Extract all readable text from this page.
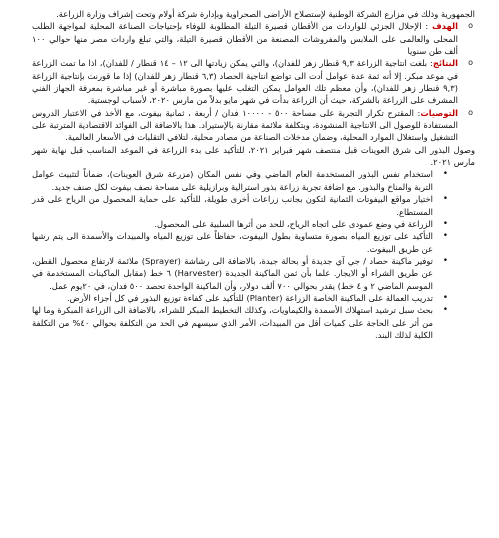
الجمهورية وذلك في مزارع الشركة الوطنية لإستصلاح الأراضى الصحراوية وبإدارة شركة أولام وتحت إشراف وزارة الزراعة.

o
الهدف : الإحلال الجزئي للواردات من الأقطان قصيرة التيلة المطلوبة للوفاء بإحتياجات الصناعة المحلية لمواجهة الطلب المحلى والعالمى على الملابس والمفروشات المصنعة من الأقطان قصيرة التيلة، والتي تبلغ واردات مصر منها حوالي ١٠٠ ألف طن سنويا
o
النتائج: بلغت انتاجية الزراعة ٩,٣ قنطار زهر للفدان)، والتي يمكن زيادتها الى ١٢ – ١٤ قنطار / للفدان)، اذا ما تمت الزراعة في موعد مبكر. إلا أنه ثمة عدة عوامل أدت الى تواضع انتاجية الحصاد (٦,٣ قنطار زهر للفدان) إذا ما قورنت بإنتاجية الزراعة (٩,٣ قنطار زهر للفدان)، وأن معظم تلك العوامل يمكن التغلب عليها بصورة مباشرة أو غير مباشرة بمعرفة الجهاز الفني المشرف على الزراعة بالشركة، حيث أن الزراعة بدأت في شهر مايو بدلاً من مارس ٢٠٢٠، لأسباب لوجستية.
o
التوصيات: المقترح تكرار التجربة على مساحة ٥٠٠ - ١٠٠٠٠ فدان / أربعة ، ثمانية بيفوت، مع الأخذ في الاعتبار الدروس المستفادة للوصول الى الانتاجية المنشودة، وبتكلفة ملائمة مقارنة بالإستيراد. هذا بالاضافة الى الفوائد الاقتصادية المترتبة على التشغيل واستغلال الموارد المحلية، وضمان مدخلات الصناعة من مصادر محلية، لتلافي التقلبات في الأسعار العالمية.

وصول البذور الى شرق العوينات قبل منتصف شهر فبراير ٢٠٢١، للتأكيد على بدء الزراعة في الموعد المناسب قبل نهاية شهر مارس ٢٠٢١.

• استخدام نفس البذور المستخدمة العام الماضي وفي نفس المكان (مزرعة شرق العوينات)، ضماناً لتثبيت عوامل التربة والمناخ والبذور. مع اضافة تجربة زراعة بذور استرالية وبرازيلية على مساحة نصف بيفوت لكل صنف جديد.
• اختيار مواقع البيفوتات الثمانية لتكون بجانب زراعات أخرى طويلة، للتأكيد على حماية المحصول من الرياح على قدر المستطاع.
• الزراعة في وضع عمودى على اتجاه الرياح، للحد من أثرها السلبية على المحصول.
• التأكيد على توزيع المياه بصورة متساوية بطول البيفوت، حفاظاً على توزيع المياه والمبيدات والأسمدة الى يتم رشها عن طريق البيفوت.
• توفير ماكينة حصاد / جي آي جديدة أو بحالة جيدة، بالاضافة الى رشاشة (Sprayer) ملائمة لارتفاع محصول القطن، عن طريق الشراء أو الايجار. علما بأن ثمن الماكينة الجديدة (Harvester) ٦ خط (مقابل الماكينات المستخدمة في الموسم الماضي ٢ و ٤ خط) يقدر بحوالي ٧٠٠ ألف دولار، وأن الماكينة الواحدة تحصد ٥٠٠ فدان، في ٢٠يوم عمل.
• تدريب العمالة على الماكينة الخاصة الزراعة (Planter) للتأكيد على كفاءة توزيع البذور في كل أجزاء الأرض.
• بحث سبل ترشيد استهلاك الأسمدة والكيماويات، وكذلك التخطيط المبكر للشراء، بالاضافة الى الزراعة المبكرة وما لها من أثر على الحاجة على كميات أقل من المبيدات، الأمر الذي سيسهم في الحد من التكلفة بحوالي ٤٠% من التكلفة الكلية لذلك البند.
